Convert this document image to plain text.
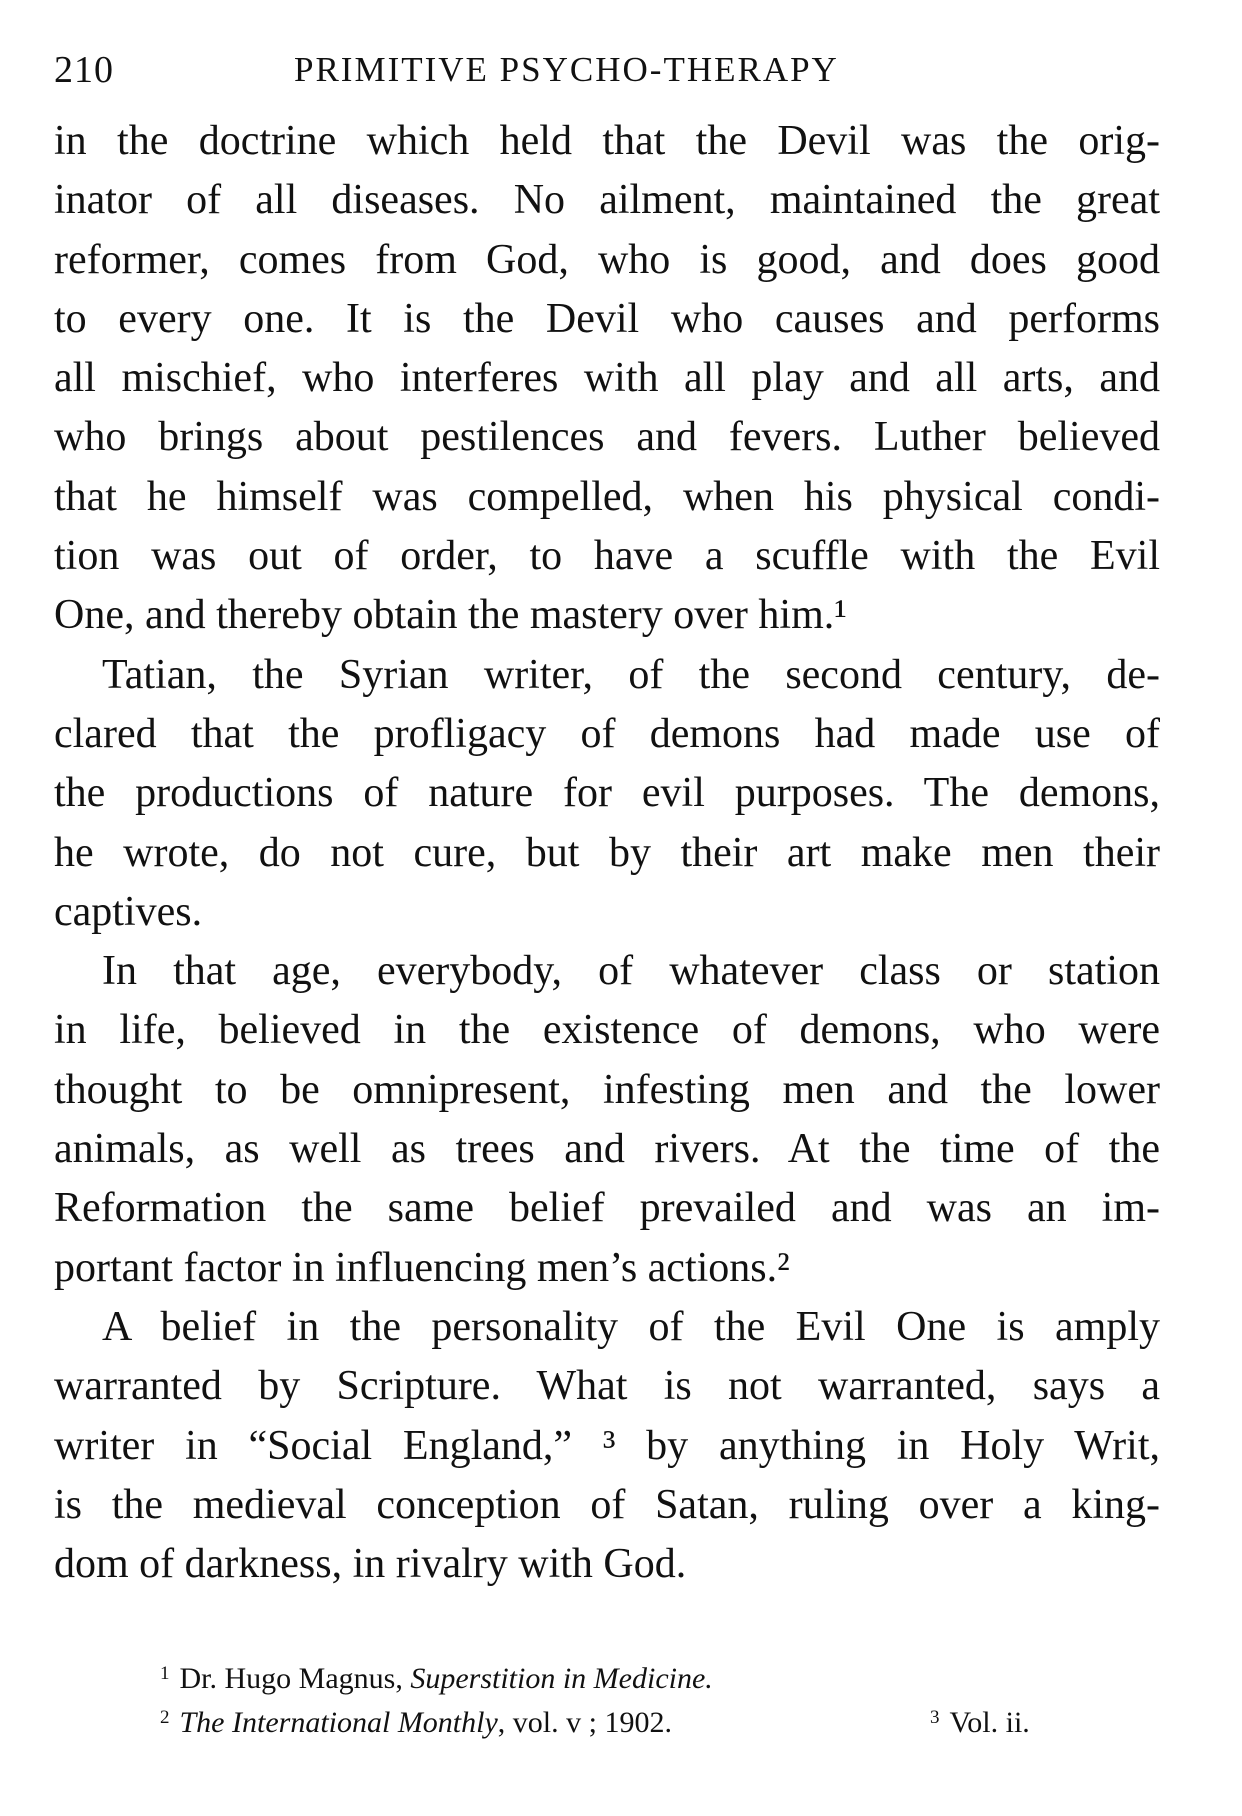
210	PRIMITIVE PSYCHO-THERAPY
in the doctrine which held that the Devil was the orig-
inator of all diseases. No ailment, maintained the great
reformer, comes from God, who is good, and does good
to every one. It is the Devil who causes and performs
all mischief, who interferes with all play and all arts, and
who brings about pestilences and fevers. Luther believed
that he himself was compelled, when his physical condi-
tion was out of order, to have a scuffle with the Evil
One, and thereby obtain the mastery over him.¹
Tatian, the Syrian writer, of the second century, de-
clared that the profligacy of demons had made use of
the productions of nature for evil purposes. The demons,
he wrote, do not cure, but by their art make men their
captives.
In that age, everybody, of whatever class or station
in life, believed in the existence of demons, who were
thought to be omnipresent, infesting men and the lower
animals, as well as trees and rivers. At the time of the
Reformation the same belief prevailed and was an im-
portant factor in influencing men’s actions.²
A belief in the personality of the Evil One is amply
warranted by Scripture. What is not warranted, says a
writer in “Social England,” ³ by anything in Holy Writ,
is the medieval conception of Satan, ruling over a king-
dom of darkness, in rivalry with God.
$^1$ Dr. Hugo Magnus, Superstition in Medicine.
$^2$ The International Monthly, vol. v ; 1902.	$^3$ Vol. ii.
